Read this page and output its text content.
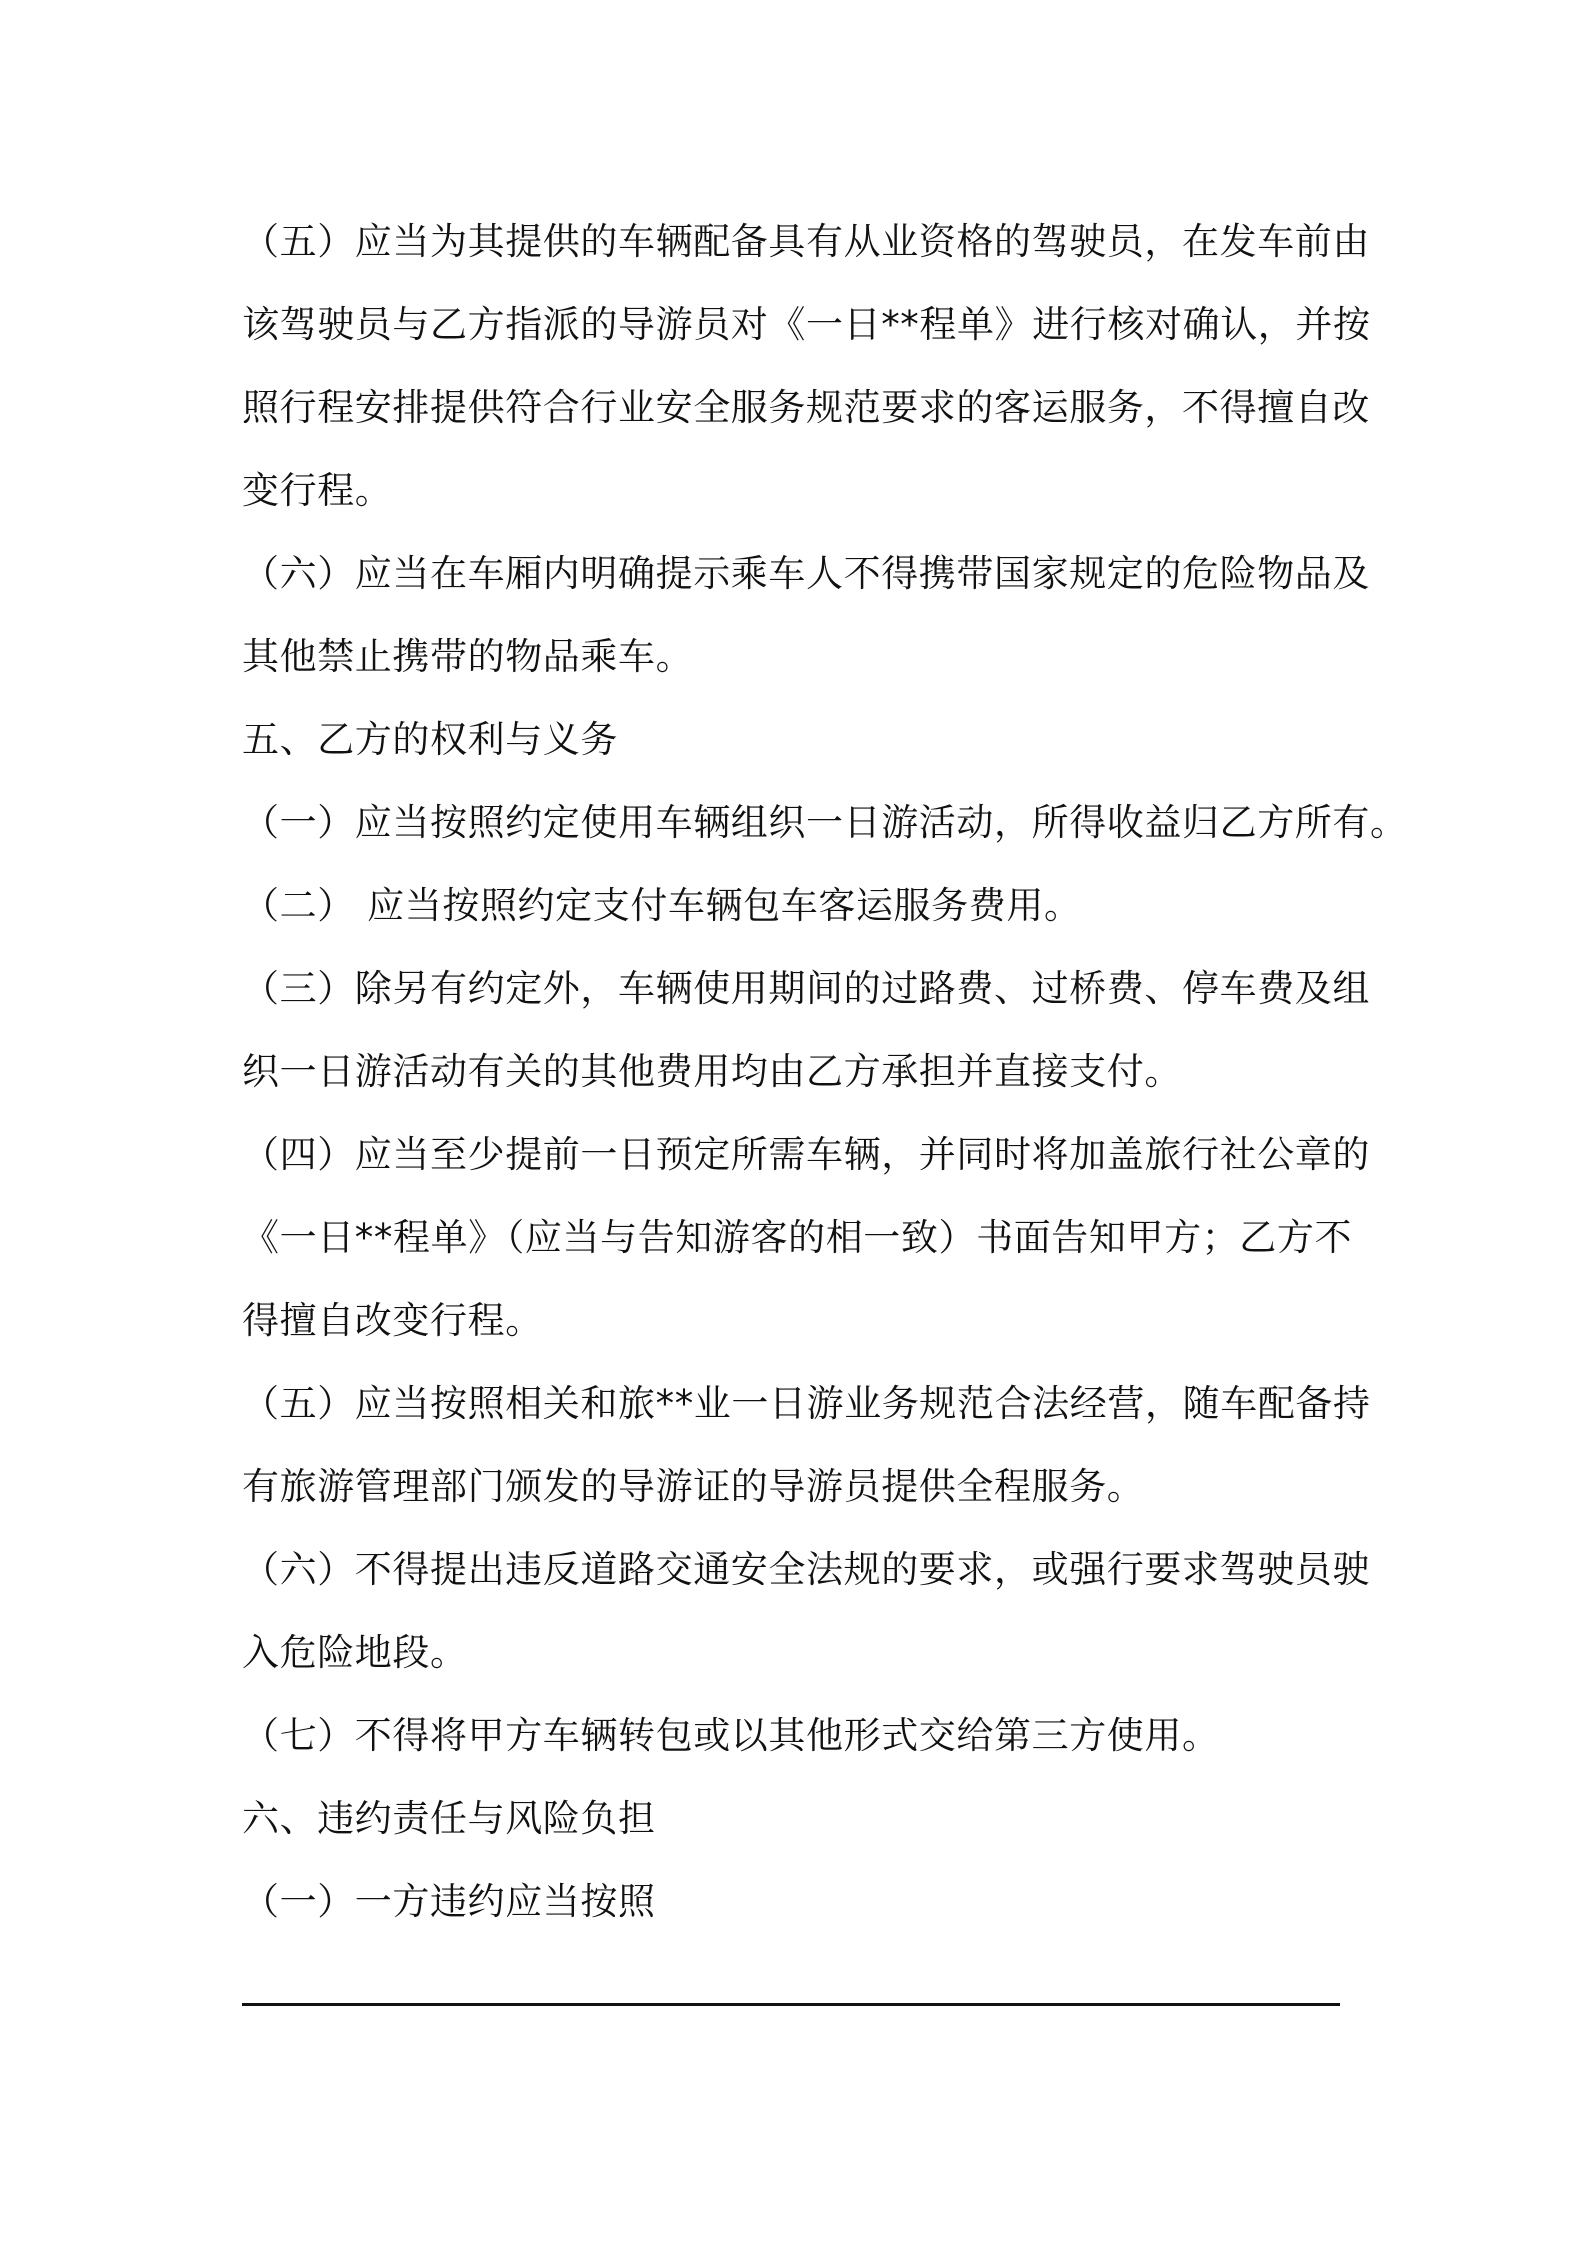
（五）应当为其提供的车辆配备具有从业资格的驾驶员，在发车前由
该驾驶员与乙方指派的导游员对《一日**程单》进行核对确认，并按
照行程安排提供符合行业安全服务规范要求的客运服务，不得擅自改
变行程。
（六）应当在车厢内明确提示乘车人不得携带国家规定的危险物品及
其他禁止携带的物品乘车。
五、乙方的权利与义务
（一）应当按照约定使用车辆组织一日游活动，所得收益归乙方所有。
（二） 应当按照约定支付车辆包车客运服务费用。
（三）除另有约定外，车辆使用期间的过路费、过桥费、停车费及组
织一日游活动有关的其他费用均由乙方承担并直接支付。
（四）应当至少提前一日预定所需车辆，并同时将加盖旅行社公章的
《一日**程单》（应当与告知游客的相一致）书面告知甲方；乙方不
得擅自改变行程。
（五）应当按照相关和旅**业一日游业务规范合法经营，随车配备持
有旅游管理部门颁发的导游证的导游员提供全程服务。
（六）不得提出违反道路交通安全法规的要求，或强行要求驾驶员驶
入危险地段。
（七）不得将甲方车辆转包或以其他形式交给第三方使用。
六、违约责任与风险负担
（一）一方违约应当按照
